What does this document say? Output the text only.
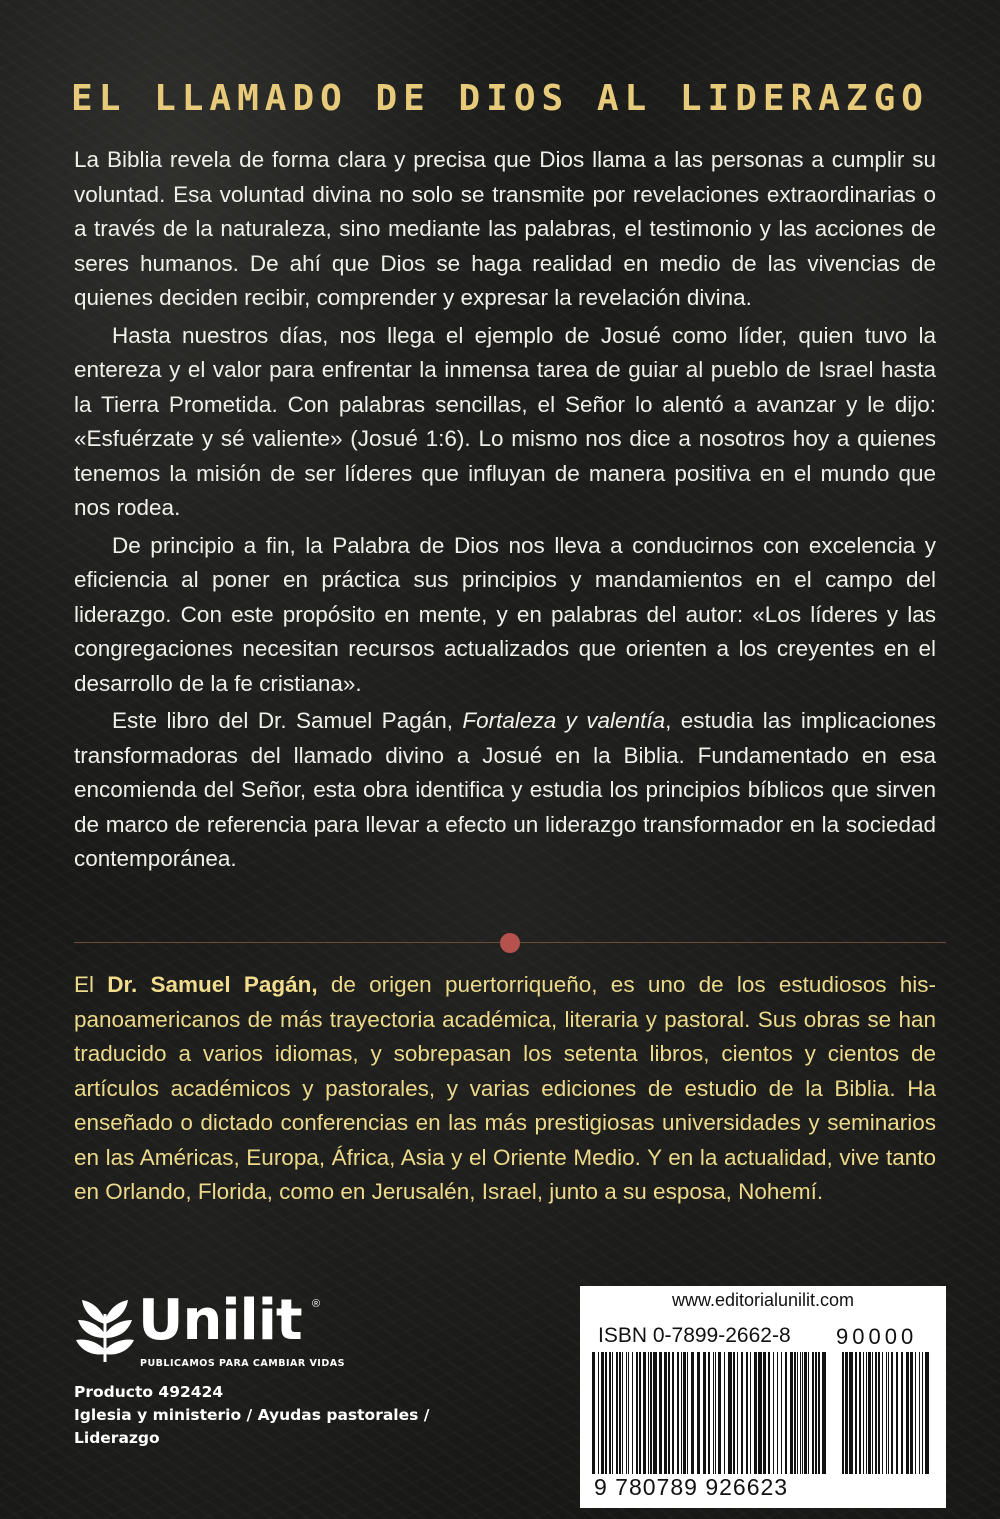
EL LLAMADO DE DIOS AL LIDERAZGO

La Biblia revela de forma clara y precisa que Dios llama a las personas a cumplir su voluntad. Esa voluntad divina no solo se transmite por revelaciones extraordinarias o a través de la naturaleza, sino mediante las palabras, el testimonio y las acciones de seres humanos. De ahí que Dios se haga realidad en medio de las vivencias de quienes deciden recibir, comprender y expresar la revelación divina.

Hasta nuestros días, nos llega el ejemplo de Josué como líder, quien tuvo la entereza y el valor para enfrentar la inmensa tarea de guiar al pueblo de Israel hasta la Tierra Prometida. Con palabras sencillas, el Señor lo alentó a avanzar y le dijo: «Esfuérzate y sé valiente» (Josué 1:6). Lo mismo nos dice a nosotros hoy a quienes tenemos la misión de ser líderes que influyan de manera positiva en el mundo que nos rodea.

De principio a fin, la Palabra de Dios nos lleva a conducirnos con excelencia y eficiencia al poner en práctica sus principios y mandamientos en el campo del liderazgo. Con este propósito en mente, y en palabras del autor: «Los líderes y las congregaciones necesitan recursos actualizados que orienten a los creyentes en el desarrollo de la fe cristiana».

Este libro del Dr. Samuel Pagán, Fortaleza y valentía, estudia las implicaciones transformadoras del llamado divino a Josué en la Biblia. Fundamentado en esa encomienda del Señor, esta obra identifica y estudia los principios bíblicos que sirven de marco de referencia para llevar a efecto un liderazgo transformador en la sociedad contemporánea.

El Dr. Samuel Pagán, de origen puertorriqueño, es uno de los estudiosos hispanoamericanos de más trayectoria académica, literaria y pastoral. Sus obras se han traducido a varios idiomas, y sobrepasan los setenta libros, cientos y cientos de artículos académicos y pastorales, y varias ediciones de estudio de la Biblia. Ha enseñado o dictado conferencias en las más prestigiosas universidades y seminarios en las Américas, Europa, África, Asia y el Oriente Medio. Y en la actualidad, vive tanto en Orlando, Florida, como en Jerusalén, Israel, junto a su esposa, Nohemí.

Unilit ®
PUBLICAMOS PARA CAMBIAR VIDAS
Producto 492424
Iglesia y ministerio / Ayudas pastorales /
Liderazgo
www.editorialunilit.com
ISBN 0-7899-2662-8 90000
9 780789 926623
